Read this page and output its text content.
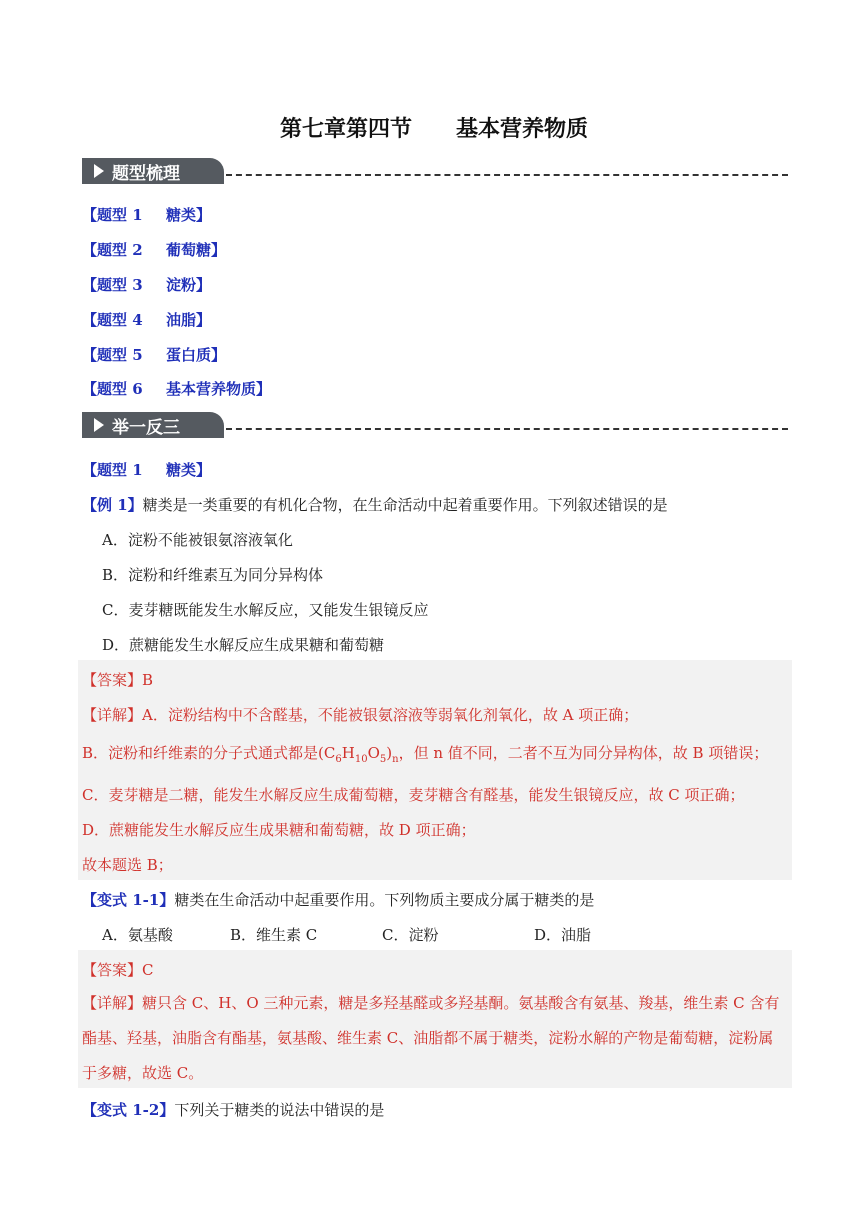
第七章第四节　　基本营养物质
题型梳理
【题型 1 糖类】
【题型 2 葡萄糖】
【题型 3 淀粉】
【题型 4 油脂】
【题型 5 蛋白质】
【题型 6 基本营养物质】
举一反三
【题型 1 糖类】
【例 1】糖类是一类重要的有机化合物，在生命活动中起着重要作用。下列叙述错误的是
A．淀粉不能被银氨溶液氧化
B．淀粉和纤维素互为同分异构体
C．麦芽糖既能发生水解反应，又能发生银镜反应
D．蔗糖能发生水解反应生成果糖和葡萄糖
【答案】B
【详解】A．淀粉结构中不含醛基，不能被银氨溶液等弱氧化剂氧化，故 A 项正确；
B．淀粉和纤维素的分子式通式都是$(C_6H_{10}O_5)_n$，但 n 值不同，二者不互为同分异构体，故 B 项错误；
C．麦芽糖是二糖，能发生水解反应生成葡萄糖，麦芽糖含有醛基，能发生银镜反应，故 C 项正确；
D．蔗糖能发生水解反应生成果糖和葡萄糖，故 D 项正确；
故本题选 B；
【变式 1-1】糖类在生命活动中起重要作用。下列物质主要成分属于糖类的是
A．氨基酸	B．维生素 C	C．淀粉	D．油脂
【答案】C
【详解】糖只含 C、H、O 三种元素，糖是多羟基醛或多羟基酮。氨基酸含有氨基、羧基，维生素 C 含有酯基、羟基，油脂含有酯基，氨基酸、维生素 C、油脂都不属于糖类，淀粉水解的产物是葡萄糖，淀粉属于多糖，故选 C。
【变式 1-2】下列关于糖类的说法中错误的是
